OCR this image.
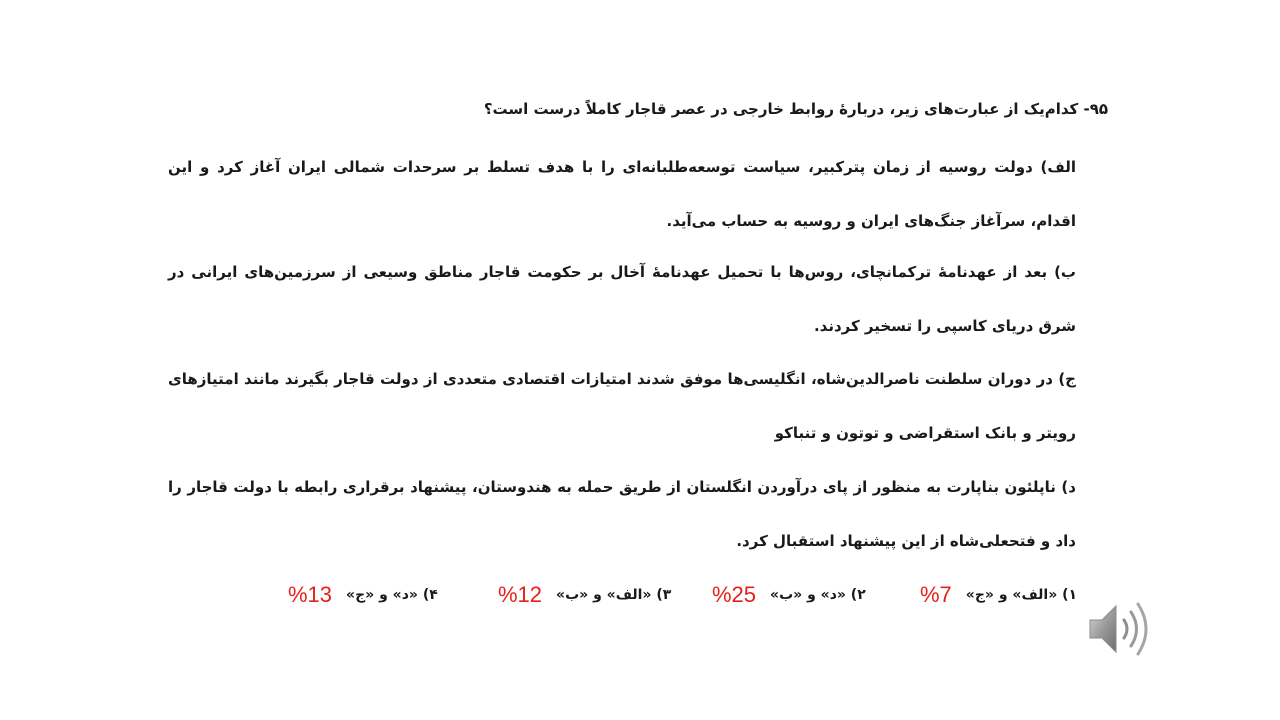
۹۵- کدام‌یک از عبارت‌های زیر، دربارهٔ روابط خارجی در عصر قاجار کاملاً درست است؟
الف) دولت روسیه از زمان پترکبیر، سیاست توسعه‌طلبانه‌ای را با هدف تسلط بر سرحدات شمالی ایران آغاز کرد و این اقدام، سرآغاز جنگ‌های ایران و روسیه به حساب می‌آید.
ب) بعد از عهدنامهٔ ترکمانچای، روس‌ها با تحمیل عهدنامهٔ آخال بر حکومت قاجار مناطق وسیعی از سرزمین‌های ایرانی در شرق دریای کاسپی را تسخیر کردند.
ج) در دوران سلطنت ناصرالدین‌شاه، انگلیسی‌ها موفق شدند امتیازات اقتصادی متعددی از دولت قاجار بگیرند مانند امتیازهای رویتر و بانک استقراضی و توتون و تنباکو
د) ناپلئون بناپارت به منظور از پای درآوردن انگلستان از طریق حمله به هندوستان، پیشنهاد برقراری رابطه با دولت قاجار را داد و فتحعلی‌شاه از این پیشنهاد استقبال کرد.
%7 ۱) «الف» و «ج»
%25 ۲) «د» و «ب»
%12 ۳) «الف» و «ب»
%13 ۴) «د» و «ج»
